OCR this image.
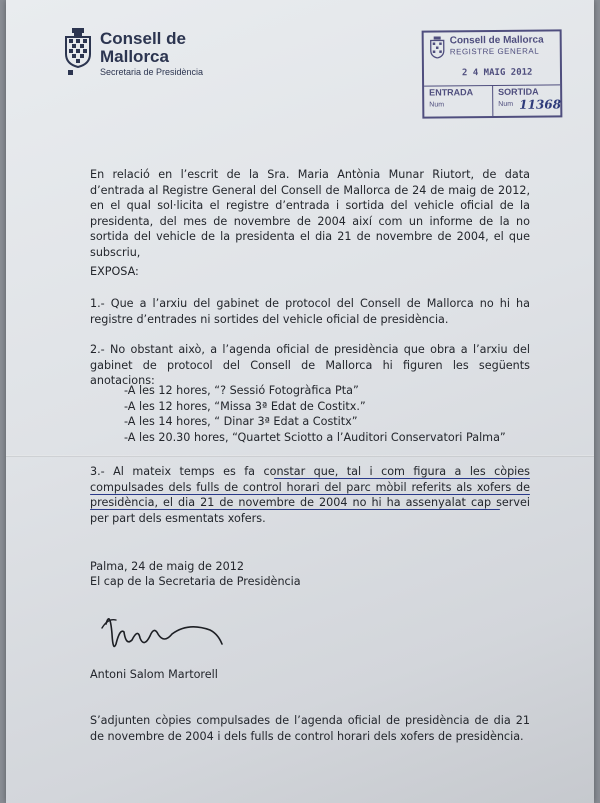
Consell de Mallorca
Secretaria de Presidència
Consell de Mallorca
REGISTRE GENERAL
2 4 MAIG 2012
ENTRADA	SORTIDA
Num	Num 11368

En relació en l’escrit de la Sra. Maria Antònia Munar Riutort, de data d’entrada al Registre General del Consell de Mallorca de 24 de maig de 2012, en el qual sol·licita el registre d’entrada i sortida del vehicle oficial de la presidenta, del mes de novembre de 2004 així com un informe de la no sortida del vehicle de la presidenta el dia 21 de novembre de 2004, el que subscriu,

EXPOSA:

1.- Que a l’arxiu del gabinet de protocol del Consell de Mallorca no hi ha registre d’entrades ni sortides del vehicle oficial de presidència.

2.- No obstant això, a l’agenda oficial de presidència que obra a l’arxiu del gabinet de protocol del Consell de Mallorca hi figuren les següents anotacions:

-A les 12 hores, “? Sessió Fotogràfica Pta”
-A les 12 hores, “Missa 3ª Edat de Costitx.”
-A les 14 hores, “ Dinar 3ª Edat a Costitx”
-A les 20.30 hores, “Quartet Sciotto a l’Auditori Conservatori Palma”

3.- Al mateix temps es fa constar que, tal i com figura a les còpies compulsades dels fulls de control horari del parc mòbil referits als xofers de presidència, el dia 21 de novembre de 2004 no hi ha assenyalat cap servei per part dels esmentats xofers.

Palma, 24 de maig de 2012
El cap de la Secretaria de Presidència
Antoni Salom Martorell
S’adjunten còpies compulsades de l’agenda oficial de presidència de dia 21 de novembre de 2004 i dels fulls de control horari dels xofers de presidència.
